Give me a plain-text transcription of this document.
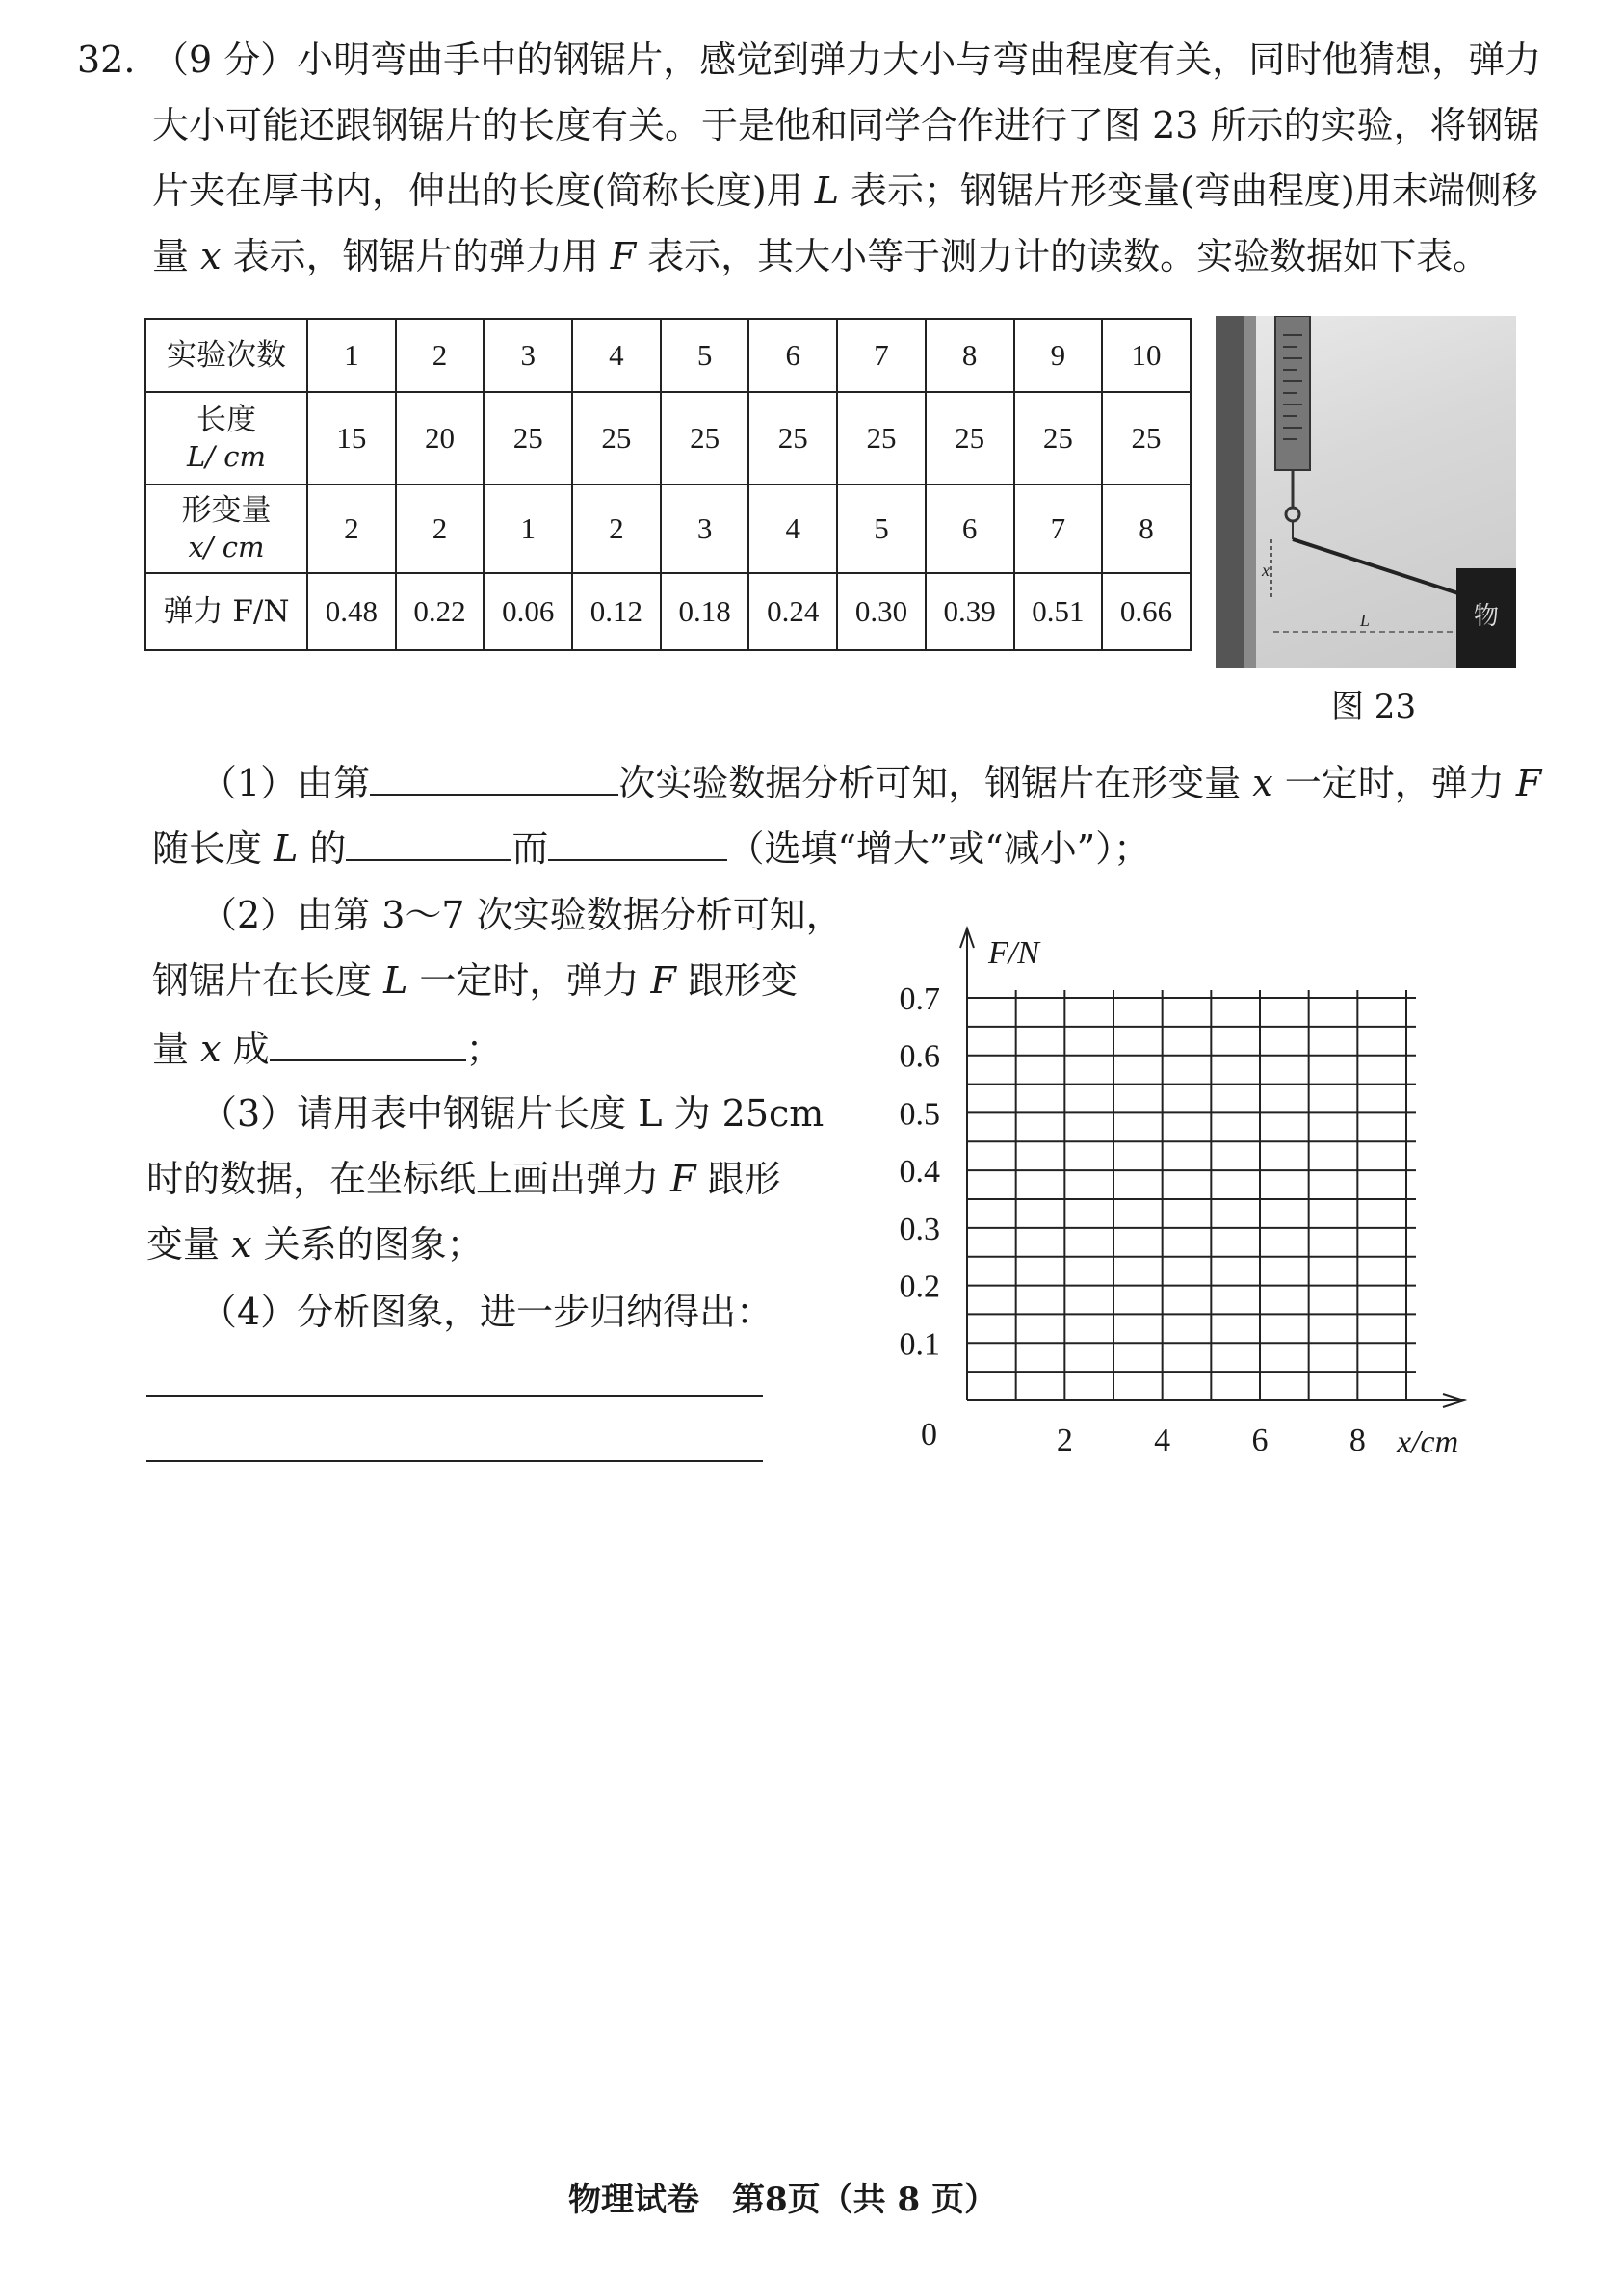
32. （9 分）小明弯曲手中的钢锯片，感觉到弹力大小与弯曲程度有关，同时他猜想，弹力
大小可能还跟钢锯片的长度有关。于是他和同学合作进行了图 23 所示的实验，将钢锯
片夹在厚书内，伸出的长度(简称长度)用 L 表示；钢锯片形变量(弯曲程度)用末端侧移
量 x 表示，钢锯片的弹力用 F 表示，其大小等于测力计的读数。实验数据如下表。
实验次数	1	2	3	4	5	6	7	8	9	10

长度
L/ cm	15	20	25	25	25	25	25	25	25	25

形变量
x/ cm	2	2	1	2	3	4	5	6	7	8
弹力 F/N	0.48	0.22	0.06	0.12	0.18	0.24	0.30	0.39	0.51	0.66
x
L	物
图 23
（1）由第	次实验数据分析可知，钢锯片在形变量 x 一定时，弹力 F
随长度 L 的	而	（选填“增大”或“减小”）；
（2）由第 3～7 次实验数据分析可知，
钢锯片在长度 L 一定时，弹力 F 跟形变
量 x 成	；
（3）请用表中钢锯片长度 L 为 25cm
时的数据，在坐标纸上画出弹力 F 跟形
变量 x 关系的图象；
（4）分析图象，进一步归纳得出：
0.1
0.2
0.3
0.4
0.5
0.6
0.7
2 4 6 8
F/N
x/cm
0
物理试卷　第8页（共 8 页）
